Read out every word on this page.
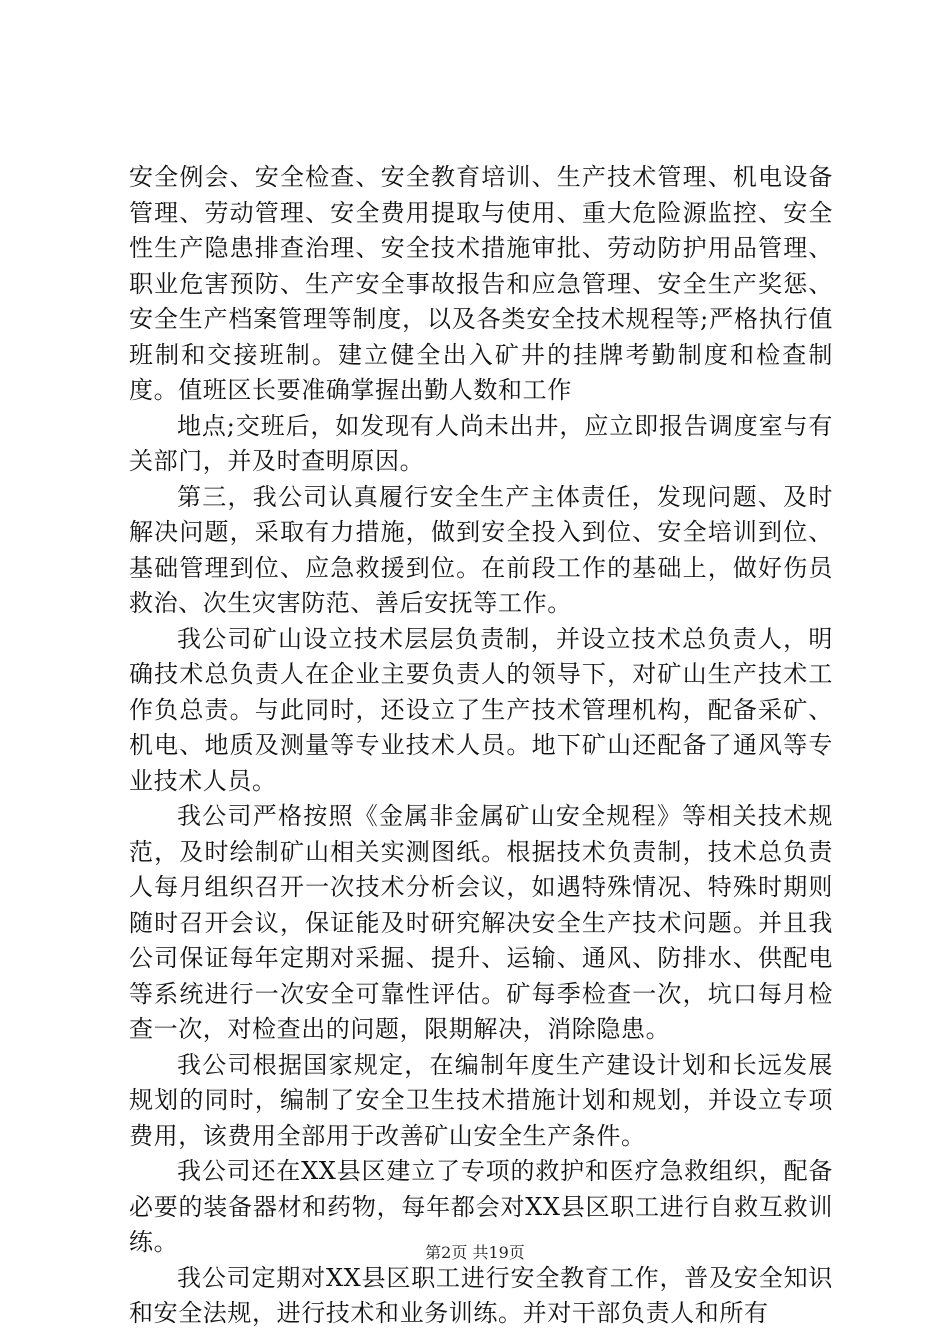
安全例会、安全检查、安全教育培训、生产技术管理、机电设备管理、劳动管理、安全费用提取与使用、重大危险源监控、安全性生产隐患排查治理、安全技术措施审批、劳动防护用品管理、职业危害预防、生产安全事故报告和应急管理、安全生产奖惩、安全生产档案管理等制度，以及各类安全技术规程等;严格执行值班制和交接班制。建立健全出入矿井的挂牌考勤制度和检查制度。值班区长要准确掌握出勤人数和工作

地点;交班后，如发现有人尚未出井，应立即报告调度室与有关部门，并及时查明原因。

第三，我公司认真履行安全生产主体责任，发现问题、及时解决问题，采取有力措施，做到安全投入到位、安全培训到位、基础管理到位、应急救援到位。在前段工作的基础上，做好伤员救治、次生灾害防范、善后安抚等工作。

我公司矿山设立技术层层负责制，并设立技术总负责人，明确技术总负责人在企业主要负责人的领导下，对矿山生产技术工作负总责。与此同时，还设立了生产技术管理机构，配备采矿、机电、地质及测量等专业技术人员。地下矿山还配备了通风等专业技术人员。

我公司严格按照《金属非金属矿山安全规程》等相关技术规范，及时绘制矿山相关实测图纸。根据技术负责制，技术总负责人每月组织召开一次技术分析会议，如遇特殊情况、特殊时期则随时召开会议，保证能及时研究解决安全生产技术问题。并且我公司保证每年定期对采掘、提升、运输、通风、防排水、供配电等系统进行一次安全可靠性评估。矿每季检查一次，坑口每月检查一次，对检查出的问题，限期解决，消除隐患。

我公司根据国家规定，在编制年度生产建设计划和长远发展规划的同时，编制了安全卫生技术措施计划和规划，并设立专项费用，该费用全部用于改善矿山安全生产条件。

我公司还在XX县区建立了专项的救护和医疗急救组织，配备必要的装备器材和药物，每年都会对XX县区职工进行自救互救训练。

我公司定期对XX县区职工进行安全教育工作，普及安全知识和安全法规，进行技术和业务训练。并对干部负责人和所有

第2页 共19页
